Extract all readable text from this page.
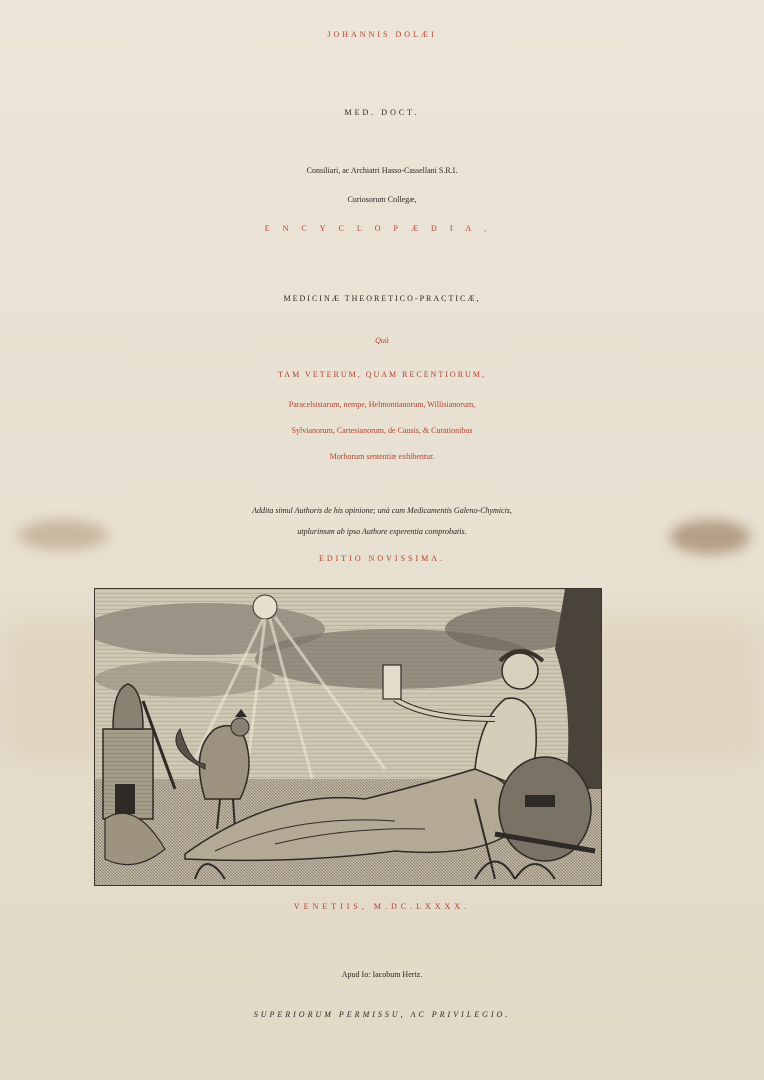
JOHANNIS DOLÆI
MED. DOCT.
Consiliari, ac Archiatri Hasso-Cassellani S.R.I.
Curiosorum Collegæ,
ENCYCLOPÆDIA,
MEDICINÆ THEORETICO-PRACTICÆ,
Quà
TAM VETERUM, QUAM RECENTIORUM,
Paracelsistarum, nempe, Helmontianorum, Willisianorum,
Sylvianorum, Cartesianorum, de Causis, & Curationibus
Morborum sententiæ exhibentur.
Addita simul Authoris de his opinione; unà cum Medicamentis Galeno-Chymicis,
utplurimum ab ipso Authore experentia comprobatis.
EDITIO NOVISSIMA.
VENETIIS, M.DC.LXXXX.
Apud Io: Iacobum Hertz.
SUPERIORUM PERMISSU, AC PRIVILEGIO.
